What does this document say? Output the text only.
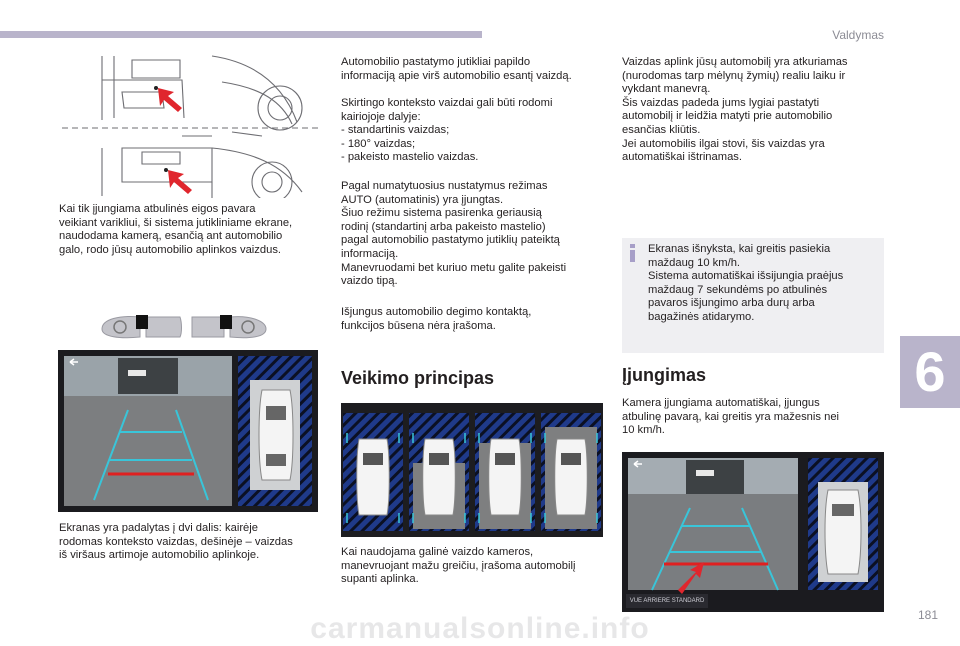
Valdymas
Kai tik įjungiama atbulinės eigos pavara
veikiant varikliui, ši sistema jutikliniame ekrane,
naudodama kamerą, esančią ant automobilio
galo, rodo jūsų automobilio aplinkos vaizdus.
Ekranas yra padalytas į dvi dalis: kairėje
rodomas konteksto vaizdas, dešinėje – vaizdas
iš viršaus artimoje automobilio aplinkoje.
Automobilio pastatymo jutikliai papildo
informaciją apie virš automobilio esantį vaizdą.
Skirtingo konteksto vaizdai gali būti rodomi
kairiojoje dalyje:
- standartinis vaizdas;
- 180° vaizdas;
- pakeisto mastelio vaizdas.
Pagal numatytuosius nustatymus režimas
AUTO (automatinis) yra įjungtas.
Šiuo režimu sistema pasirenka geriausią
rodinį (standartinį arba pakeisto mastelio)
pagal automobilio pastatymo jutiklių pateiktą
informaciją.
Manevruodami bet kuriuo metu galite pakeisti
vaizdo tipą.
Išjungus automobilio degimo kontaktą,
funkcijos būsena nėra įrašoma.
Veikimo principas
Kai naudojama galinė vaizdo kameros,
manevruojant mažu greičiu, įrašoma automobilį
supanti aplinka.
Vaizdas aplink jūsų automobilį yra atkuriamas
(nurodomas tarp mėlynų žymių) realiu laiku ir
vykdant manevrą.
Šis vaizdas padeda jums lygiai pastatyti
automobilį ir leidžia matyti prie automobilio
esančias kliūtis.
Jei automobilis ilgai stovi, šis vaizdas yra
automatiškai ištrinamas.
Ekranas išnyksta, kai greitis pasiekia
maždaug 10 km/h.
Sistema automatiškai išsijungia praėjus
maždaug 7 sekundėms po atbulinės
pavaros išjungimo arba durų arba
bagažinės atidarymo.
Įjungimas
Kamera įjungiama automatiškai, įjungus
atbulinę pavarą, kai greitis yra mažesnis nei
10 km/h.
VUE ARRIERE STANDARD
6
carmanualsonline.info	181
